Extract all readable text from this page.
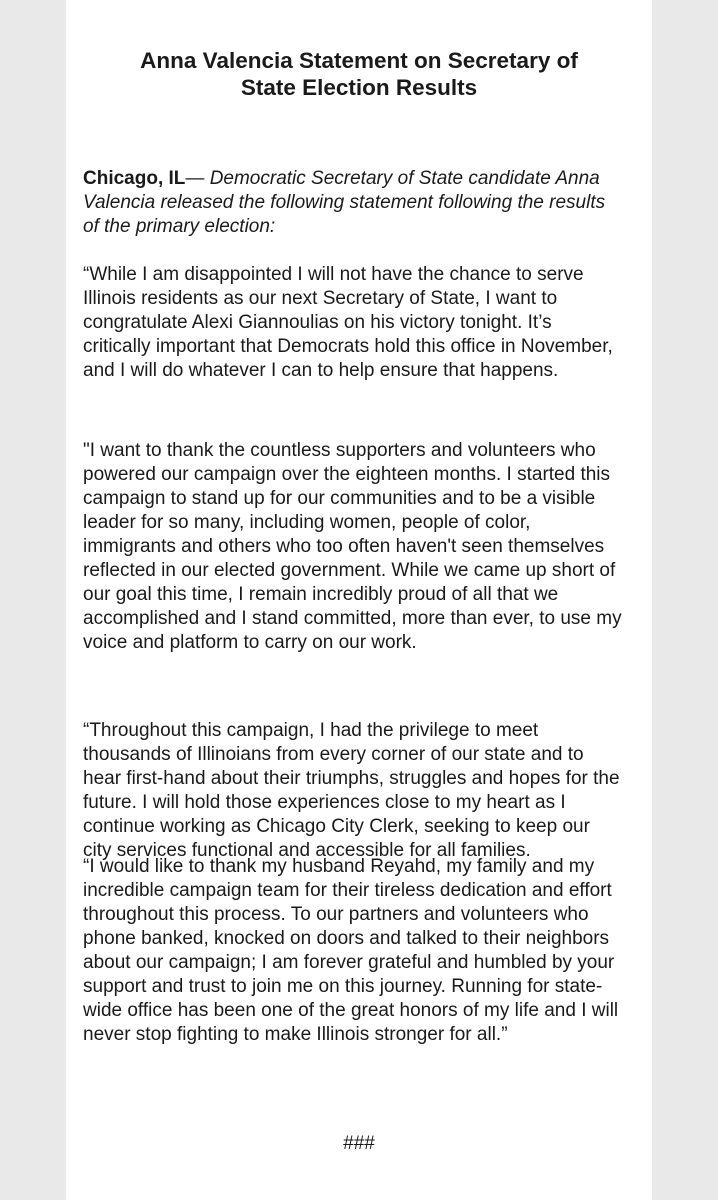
Anna Valencia Statement on Secretary of
State Election Results

Chicago, IL— Democratic Secretary of State candidate Anna Valencia released the following statement following the results of the primary election:

“While I am disappointed I will not have the chance to serve Illinois residents as our next Secretary of State, I want to congratulate Alexi Giannoulias on his victory tonight. It’s critically important that Democrats hold this office in November, and I will do whatever I can to help ensure that happens.

"I want to thank the countless supporters and volunteers who powered our campaign over the eighteen months. I started this campaign to stand up for our communities and to be a visible leader for so many, including women, people of color, immigrants and others who too often haven't seen themselves reflected in our elected government. While we came up short of our goal this time, I remain incredibly proud of all that we accomplished and I stand committed, more than ever, to use my voice and platform to carry on our work.

“Throughout this campaign, I had the privilege to meet thousands of Illinoians from every corner of our state and to hear first-hand about their triumphs, struggles and hopes for the future. I will hold those experiences close to my heart as I continue working as Chicago City Clerk, seeking to keep our city services functional and accessible for all families.

“I would like to thank my husband Reyahd, my family and my incredible campaign team for their tireless dedication and effort throughout this process. To our partners and volunteers who phone banked, knocked on doors and talked to their neighbors about our campaign; I am forever grateful and humbled by your support and trust to join me on this journey. Running for state-wide office has been one of the great honors of my life and I will never stop fighting to make Illinois stronger for all.”

###
